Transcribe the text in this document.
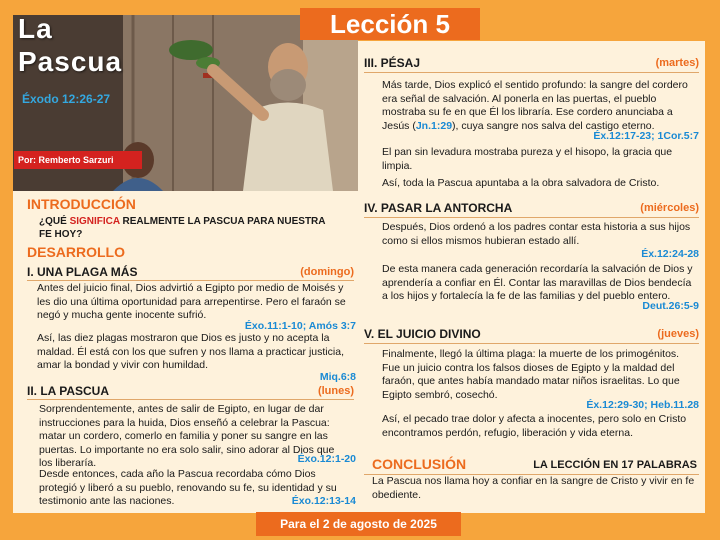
La
Pascua
Éxodo 12:26-27
Por: Remberto Sarzuri
Lección 5
INTRODUCCIÓN
¿QUÉ SIGNIFICA REALMENTE LA PASCUA PARA NUESTRA FE HOY?
DESARROLLO
I. UNA PLAGA MÁS	(domingo)
Antes del juicio final, Dios advirtió a Egipto por medio de Moisés y les dio una última oportunidad para arrepentirse. Pero el faraón se negó y mucha gente inocente sufrió.
Éxo.11:1-10; Amós 3:7
Así, las diez plagas mostraron que Dios es justo y no acepta la maldad. Él está con los que sufren y nos llama a practicar justicia, amar la bondad y vivir con humildad.
Miq.6:8
II. LA PASCUA	(lunes)
Sorprendentemente, antes de salir de Egipto, en lugar de dar instrucciones para la huida, Dios enseñó a celebrar la Pascua: matar un cordero, comerlo en familia y poner su sangre en las puertas. Lo importante no era solo salir, sino adorar al Dios que los liberaría.	Éxo.12:1-20
Desde entonces, cada año la Pascua recordaba cómo Dios protegió y liberó a su pueblo, renovando su fe, su identidad y su testimonio ante las naciones.	Éxo.12:13-14
III. PÉSAJ	(martes)
Más tarde, Dios explicó el sentido profundo: la sangre del cordero era señal de salvación. Al ponerla en las puertas, el pueblo mostraba su fe en que Él los libraría. Ese cordero anunciaba a Jesús (Jn.1:29), cuya sangre nos salva del castigo eterno.
Éx.12:17-23; 1Cor.5:7
El pan sin levadura mostraba pureza y el hisopo, la gracia que limpia.
Así, toda la Pascua apuntaba a la obra salvadora de Cristo.
IV. PASAR LA ANTORCHA	(miércoles)
Después, Dios ordenó a los padres contar esta historia a sus hijos como si ellos mismos hubieran estado allí.
Éx.12:24-28
De esta manera cada generación recordaría la salvación de Dios y aprendería a confiar en Él. Contar las maravillas de Dios bendecía a los hijos y fortalecía la fe de las familias y del pueblo entero.
Deut.26:5-9
V. EL JUICIO DIVINO	(jueves)
Finalmente, llegó la última plaga: la muerte de los primogénitos. Fue un juicio contra los falsos dioses de Egipto y la maldad del faraón, que antes había mandado matar niños israelitas. Lo que Egipto sembró, cosechó.
Éx.12:29-30; Heb.11.28
Así, el pecado trae dolor y afecta a inocentes, pero solo en Cristo encontramos perdón, refugio, liberación y vida eterna.
CONCLUSIÓN	LA LECCIÓN EN 17 PALABRAS
La Pascua nos llama hoy a confiar en la sangre de Cristo y vivir en fe obediente.
Para el 2 de agosto de 2025
